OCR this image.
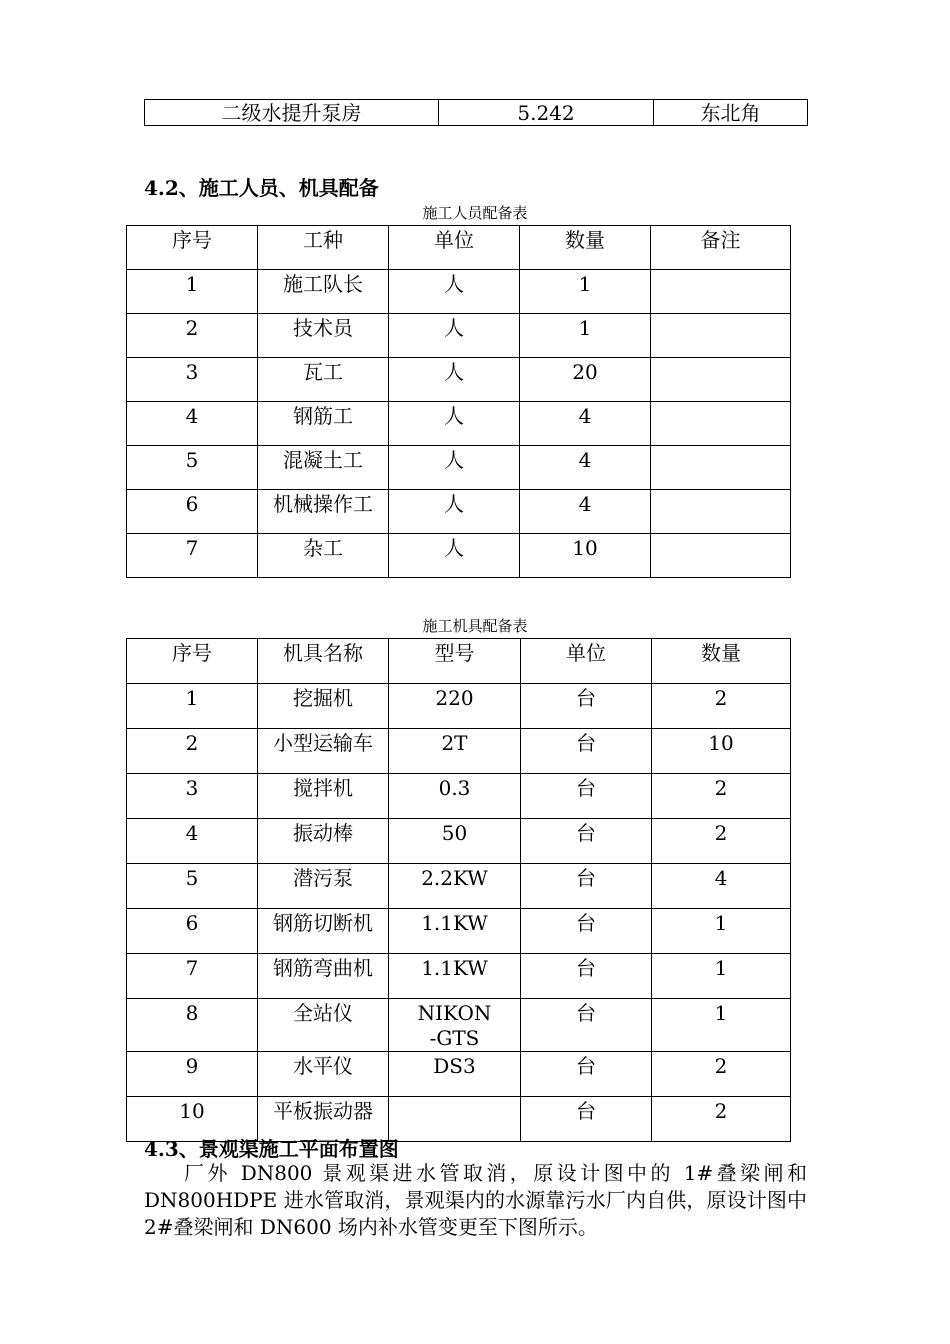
二级水提升泵房	5.242	东北角
4.2、施工人员、机具配备
施工人员配备表
序号	工种	单位	数量	备注
1	施工队长	人	1	
2	技术员	人	1	
3	瓦工	人	20	
4	钢筋工	人	4	
5	混凝土工	人	4	
6	机械操作工	人	4	
7	杂工	人	10	
施工机具配备表
序号	机具名称	型号	单位	数量
1	挖掘机	220	台	2
2	小型运输车	2T	台	10
3	搅拌机	0.3	台	2
4	振动棒	50	台	2
5	潜污泵	2.2KW	台	4
6	钢筋切断机	1.1KW	台	1
7	钢筋弯曲机	1.1KW	台	1
8	全站仪	NIKON-GTS	台	1
9	水平仪	DS3	台	2
10	平板振动器		台	2
4.3、景观渠施工平面布置图
厂外 DN800 景观渠进水管取消，原设计图中的 1#叠梁闸和 DN800HDPE 进水管取消，景观渠内的水源靠污水厂内自供，原设计图中 2#叠梁闸和 DN600 场内补水管变更至下图所示。
